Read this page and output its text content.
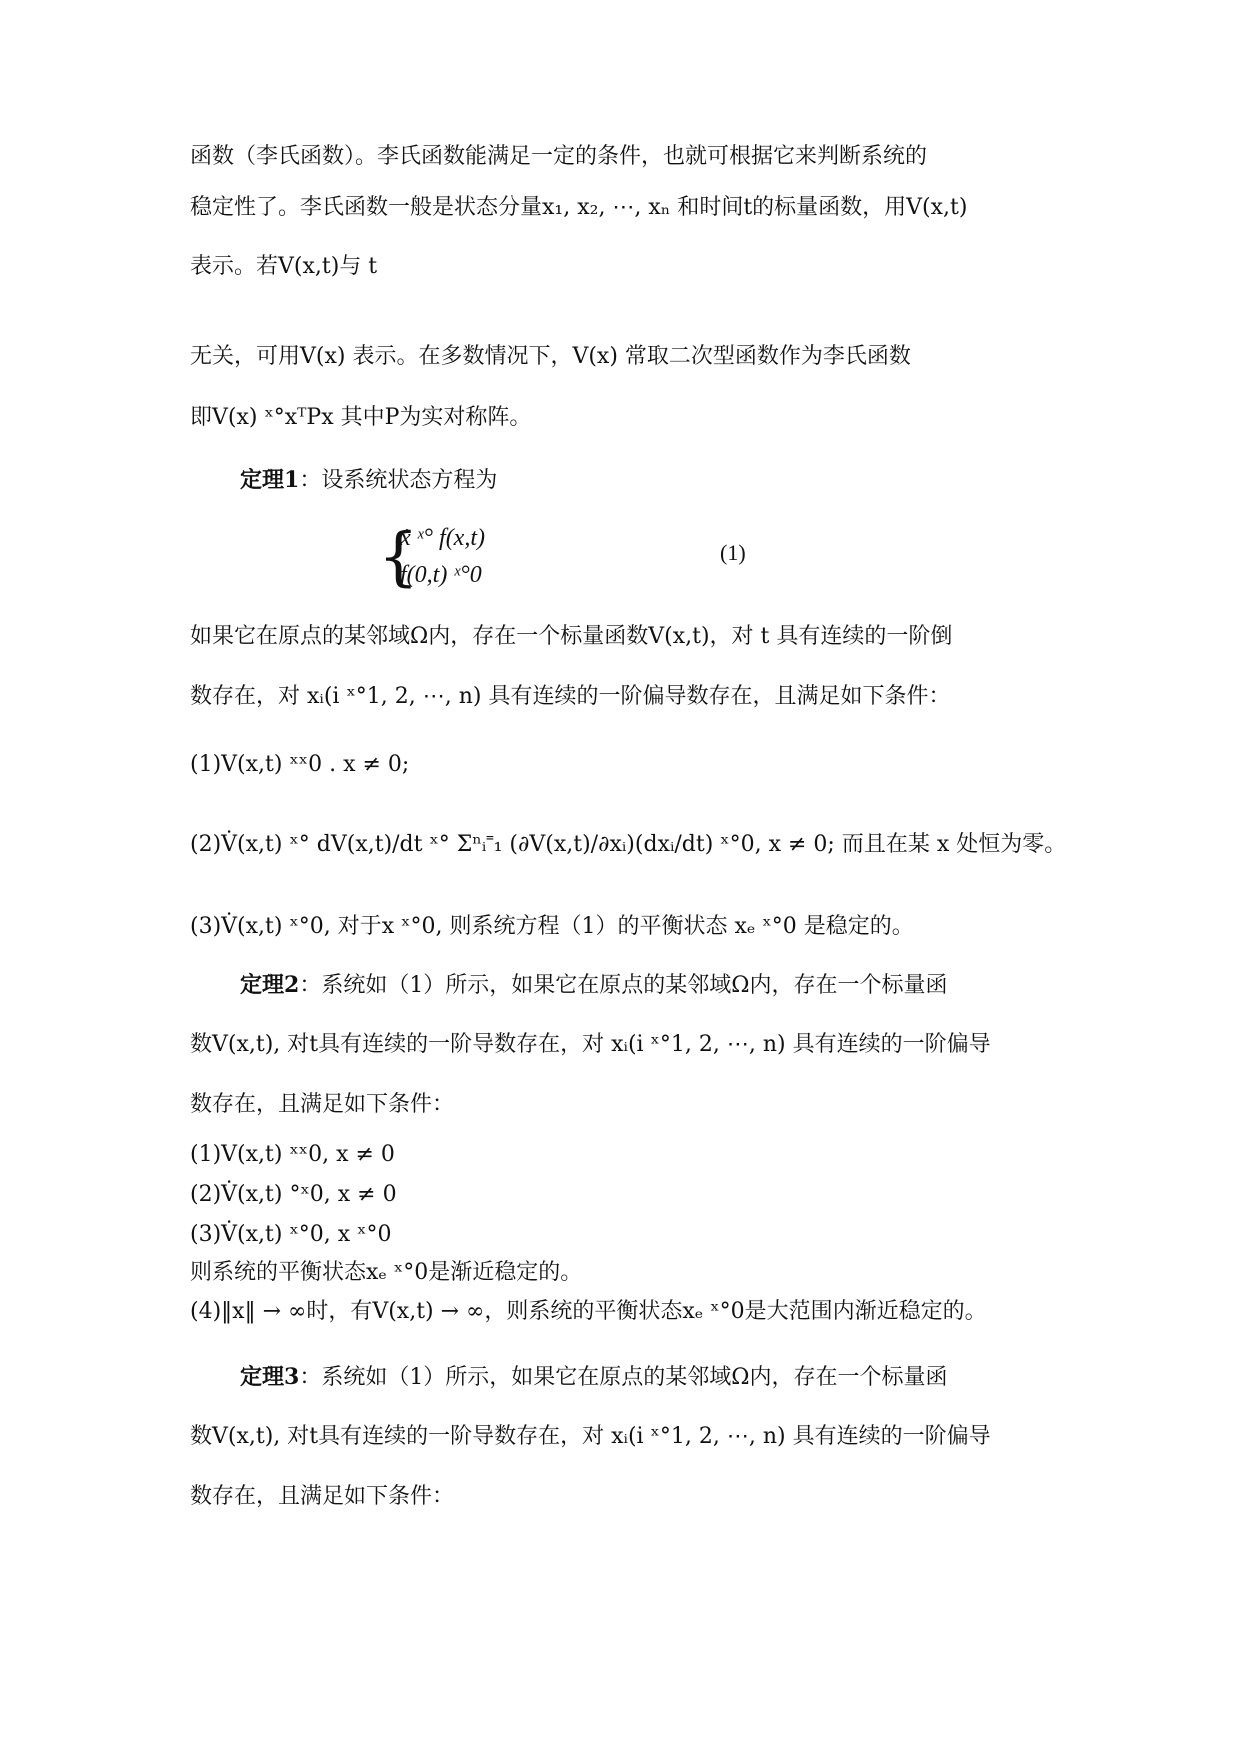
函数（李氏函数）。李氏函数能满足一定的条件，也就可根据它来判断系统的
稳定性了。李氏函数一般是状态分量x₁, x₂, ⋯, xₙ 和时间t的标量函数，用V(x,t)
表示。若V(x,t)与 t
无关，可用V(x) 表示。在多数情况下，V(x) 常取二次型函数作为李氏函数
即V(x) ˣ°xᵀPx 其中P为实对称阵。
定理1：设系统状态方程为
{
ẋ ˣ° f(x,t)
f(0,t) ˣ°0
(1)
如果它在原点的某邻域Ω内，存在一个标量函数V(x,t)，对 t 具有连续的一阶倒
数存在，对 xᵢ(i ˣ°1, 2, ⋯, n) 具有连续的一阶偏导数存在，且满足如下条件：
(1)V(x,t) ˣˣ0 . x ≠ 0;
(2)V̇(x,t) ˣ° dV(x,t)/dt ˣ° Σⁿᵢ˭₁ (∂V(x,t)/∂xᵢ)(dxᵢ/dt) ˣ°0, x ≠ 0; 而且在某 x 处恒为零。
(3)V̇(x,t) ˣ°0, 对于x ˣ°0, 则系统方程（1）的平衡状态 xₑ ˣ°0 是稳定的。
定理2：系统如（1）所示，如果它在原点的某邻域Ω内，存在一个标量函
数V(x,t), 对t具有连续的一阶导数存在，对 xᵢ(i ˣ°1, 2, ⋯, n) 具有连续的一阶偏导
数存在，且满足如下条件：
(1)V(x,t) ˣˣ0, x ≠ 0
(2)V̇(x,t) °ˣ0, x ≠ 0
(3)V̇(x,t) ˣ°0, x ˣ°0
则系统的平衡状态xₑ ˣ°0是渐近稳定的。
(4)‖x‖ → ∞时，有V(x,t) → ∞，则系统的平衡状态xₑ ˣ°0是大范围内渐近稳定的。
定理3：系统如（1）所示，如果它在原点的某邻域Ω内，存在一个标量函
数V(x,t), 对t具有连续的一阶导数存在，对 xᵢ(i ˣ°1, 2, ⋯, n) 具有连续的一阶偏导
数存在，且满足如下条件：
